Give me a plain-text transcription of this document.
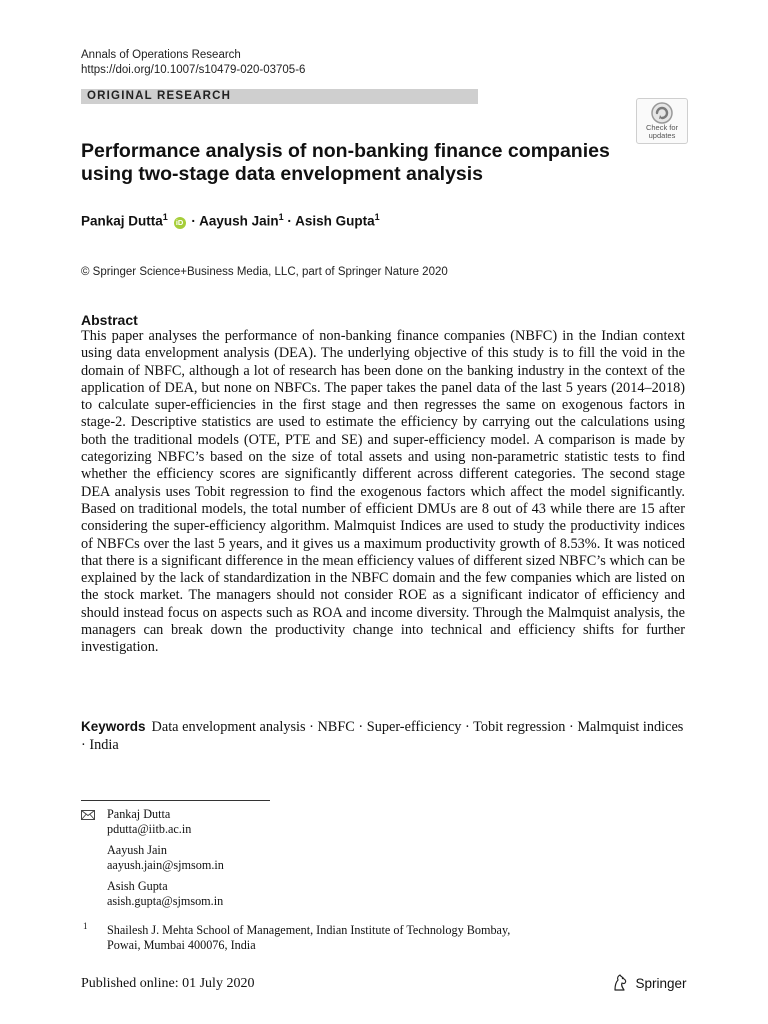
Annals of Operations Research
https://doi.org/10.1007/s10479-020-03705-6
ORIGINAL RESEARCH
Check for
updates
Performance analysis of non-banking finance companies
using two-stage data envelopment analysis
Pankaj Dutta$^1$ iD · Aayush Jain$^1$ · Asish Gupta$^1$
© Springer Science+Business Media, LLC, part of Springer Nature 2020
Abstract
This paper analyses the performance of non-banking finance companies (NBFC) in the Indian context using data envelopment analysis (DEA). The underlying objective of this study is to fill the void in the domain of NBFC, although a lot of research has been done on the banking industry in the context of the application of DEA, but none on NBFCs. The paper takes the panel data of the last 5 years (2014–2018) to calculate super-efficiencies in the first stage and then regresses the same on exogenous factors in stage-2. Descriptive statistics are used to estimate the efficiency by carrying out the calculations using both the traditional models (OTE, PTE and SE) and super-efficiency model. A comparison is made by categorizing NBFC’s based on the size of total assets and using non-parametric statistic tests to find whether the efficiency scores are significantly different across different categories. The second stage DEA analysis uses Tobit regression to find the exogenous factors which affect the model significantly. Based on traditional models, the total number of efficient DMUs are 8 out of 43 while there are 15 after considering the super-efficiency algorithm. Malmquist Indices are used to study the productivity indices of NBFCs over the last 5 years, and it gives us a maximum productivity growth of 8.53%. It was noticed that there is a significant difference in the mean efficiency values of different sized NBFC’s which can be explained by the lack of standardization in the NBFC domain and the few companies which are listed on the stock market. The managers should not consider ROE as a significant indicator of efficiency and should instead focus on aspects such as ROA and income diversity. Through the Malmquist analysis, the managers can break down the productivity change into technical and efficiency shifts for further investigation.
Keywords Data envelopment analysis · NBFC · Super-efficiency · Tobit regression · Malmquist indices · India
Pankaj Dutta
pdutta@iitb.ac.in
Aayush Jain
aayush.jain@sjmsom.in
Asish Gupta
asish.gupta@sjmsom.in
1 Shailesh J. Mehta School of Management, Indian Institute of Technology Bombay,
Powai, Mumbai 400076, India
Published online: 01 July 2020	Springer
